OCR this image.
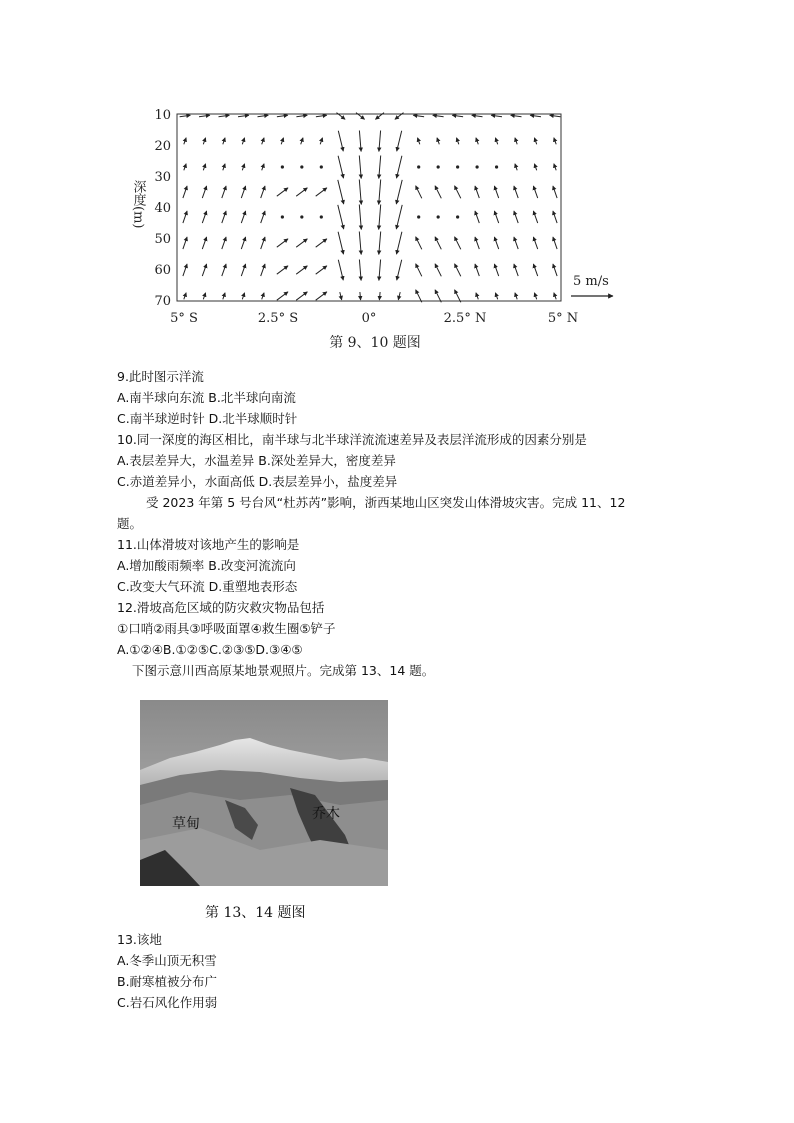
10
20
30
40
50
60
70
深度(m)
5° S	2.5° S	0°	2.5° N	5° N
5 m/s
第 9、10 题图
9.此时图示洋流
A.南半球向东流 B.北半球向南流
C.南半球逆时针 D.北半球顺时针
10.同一深度的海区相比，南半球与北半球洋流流速差异及表层洋流形成的因素分别是
A.表层差异大，水温差异 B.深处差异大，密度差异
C.赤道差异小，水面高低 D.表层差异小，盐度差异
受 2023 年第 5 号台风“杜苏芮”影响，浙西某地山区突发山体滑坡灾害。完成 11、12
题。
11.山体滑坡对该地产生的影响是
A.增加酸雨频率 B.改变河流流向
C.改变大气环流 D.重塑地表形态
12.滑坡高危区域的防灾救灾物品包括
①口哨②雨具③呼吸面罩④救生圈⑤铲子
A.①②④B.①②⑤C.②③⑤D.③④⑤
下图示意川西高原某地景观照片。完成第 13、14 题。
草甸
乔木
第 13、14 题图
13.该地
A.冬季山顶无积雪
B.耐寒植被分布广
C.岩石风化作用弱
